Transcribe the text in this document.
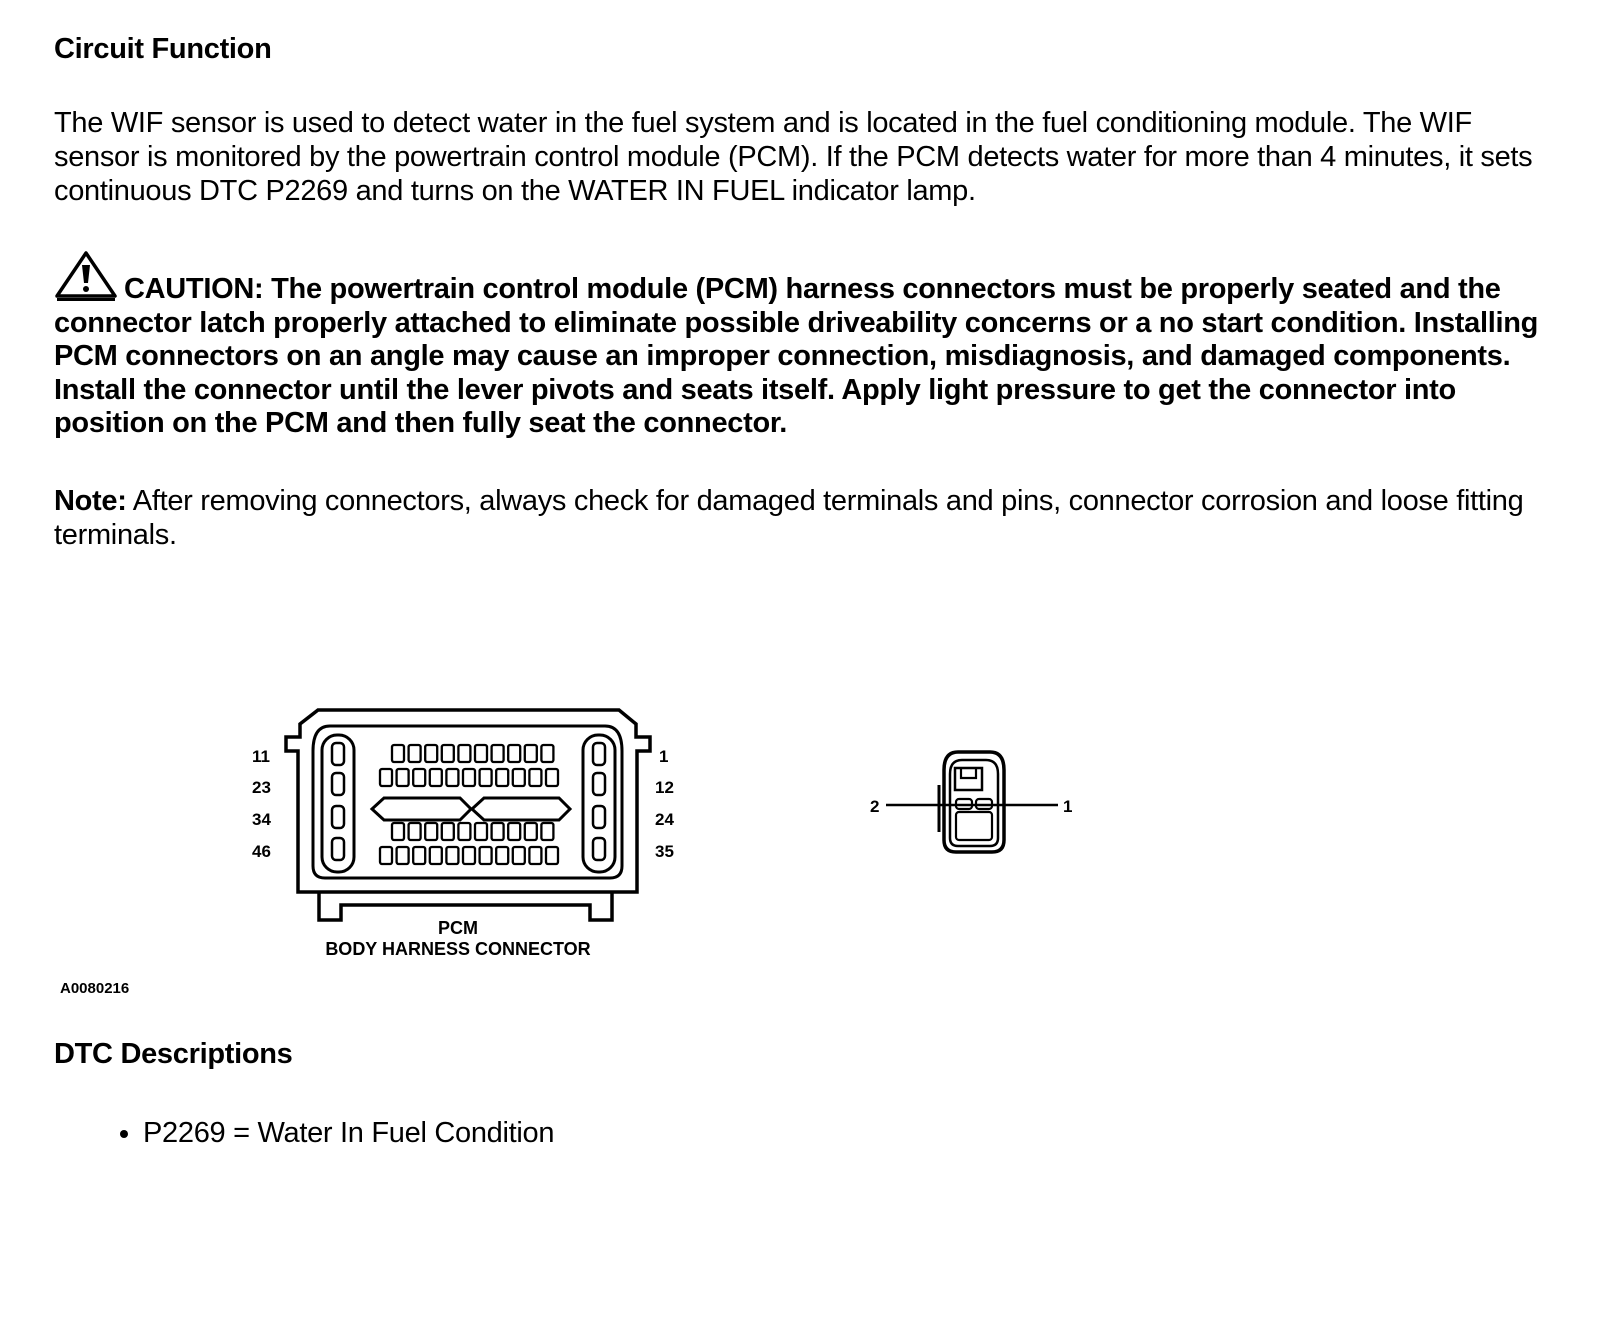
Circuit Function

The WIF sensor is used to detect water in the fuel system and is located in the fuel conditioning module. The WIF sensor is monitored by the powertrain control module (PCM). If the PCM detects water for more than 4 minutes, it sets continuous DTC P2269 and turns on the WATER IN FUEL indicator lamp.

CAUTION: The powertrain control module (PCM) harness connectors must be properly seated and the connector latch properly attached to eliminate possible driveability concerns or a no start condition. Installing PCM connectors on an angle may cause an improper connection, misdiagnosis, and damaged components. Install the connector until the lever pivots and seats itself. Apply light pressure to get the connector into position on the PCM and then fully seat the connector.

Note: After removing connectors, always check for damaged terminals and pins, connector corrosion and loose fitting terminals.

11
23
34
46
1
12
24
35
PCM
BODY HARNESS CONNECTOR
2	1
A0080216
DTC Descriptions
• P2269 = Water In Fuel Condition
